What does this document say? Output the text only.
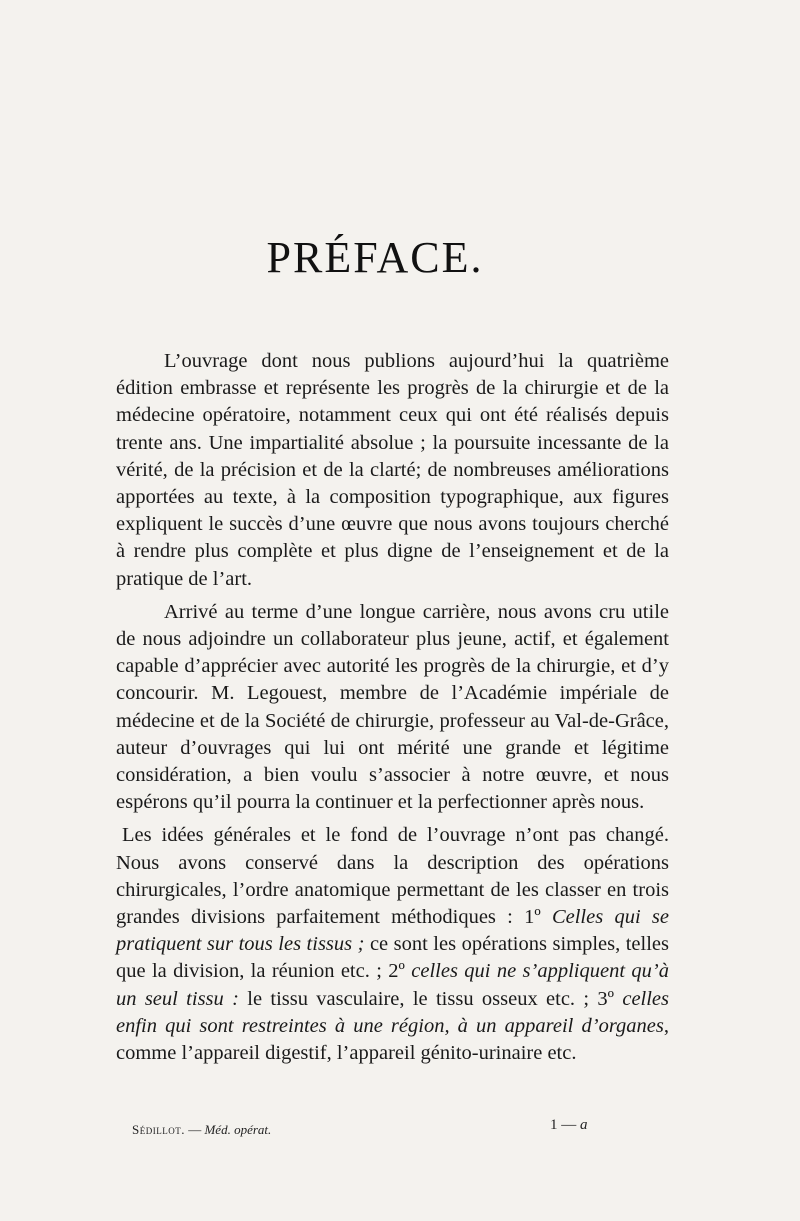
PRÉFACE.

L’ouvrage dont nous publions aujourd’hui la quatrième édition embrasse et représente les progrès de la chirurgie et de la médecine opératoire, notamment ceux qui ont été réalisés depuis trente ans. Une impartialité absolue ; la poursuite incessante de la vérité, de la précision et de la clarté; de nombreuses améliorations apportées au texte, à la composition typographique, aux figures expliquent le succès d’une œuvre que nous avons toujours cherché à rendre plus complète et plus digne de l’enseignement et de la pratique de l’art.

Arrivé au terme d’une longue carrière, nous avons cru utile de nous adjoindre un collaborateur plus jeune, actif, et également capable d’apprécier avec autorité les progrès de la chirurgie, et d’y concourir. M. Legouest, membre de l’Académie impériale de médecine et de la Société de chirurgie, professeur au Val-de-Grâce, auteur d’ouvrages qui lui ont mérité une grande et légitime considération, a bien voulu s’associer à notre œuvre, et nous espérons qu’il pourra la continuer et la perfectionner après nous.

Les idées générales et le fond de l’ouvrage n’ont pas changé. Nous avons conservé dans la description des opérations chirurgicales, l’ordre anatomique permettant de les classer en trois grandes divisions parfaitement méthodiques : 1º Celles qui se pratiquent sur tous les tissus ; ce sont les opérations simples, telles que la division, la réunion etc. ; 2º celles qui ne s’appliquent qu’à un seul tissu : le tissu vasculaire, le tissu osseux etc. ; 3º celles enfin qui sont restreintes à une région, à un appareil d’organes, comme l’appareil digestif, l’appareil génito-urinaire etc.

Sédillot. — Méd. opérat.	1 — a
